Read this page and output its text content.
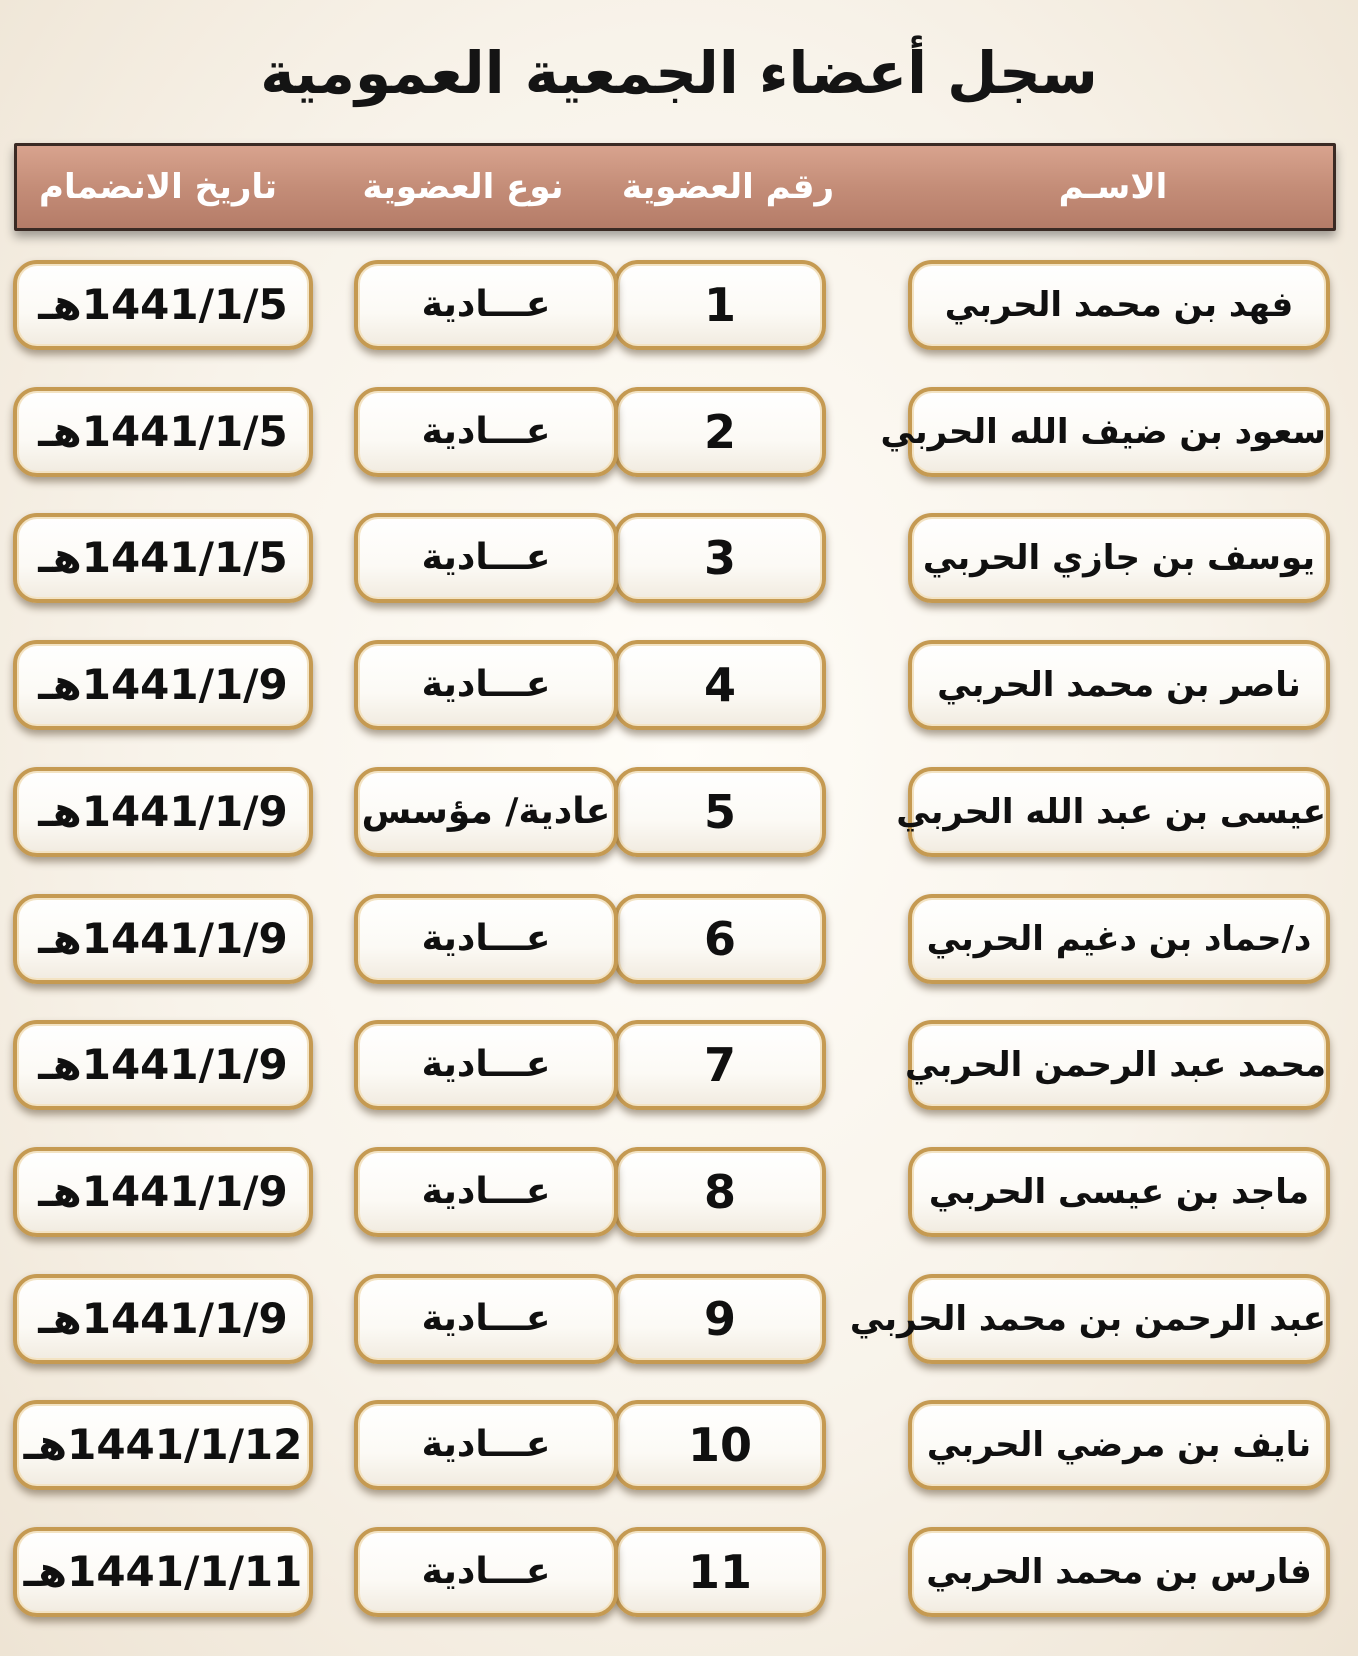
سجل أعضاء الجمعية العمومية
الاسـم
رقم العضوية
نوع العضوية
تاريخ الانضمام
فهد بن محمد الحربي
1
عـــادية
1441/1/5هـ
سعود بن ضيف الله الحربي
2
عـــادية
1441/1/5هـ
يوسف بن جازي الحربي
3
عـــادية
1441/1/5هـ
ناصر بن محمد الحربي
4
عـــادية
1441/1/9هـ
عيسى بن عبد الله الحربي
5
عادية/ مؤسس
1441/1/9هـ
د/حماد بن دغيم الحربي
6
عـــادية
1441/1/9هـ
محمد عبد الرحمن الحربي
7
عـــادية
1441/1/9هـ
ماجد بن عيسى الحربي
8
عـــادية
1441/1/9هـ
عبد الرحمن بن محمد الحربي
9
عـــادية
1441/1/9هـ
نايف بن مرضي الحربي
10
عـــادية
1441/1/12هـ
فارس بن محمد الحربي
11
عـــادية
1441/1/11هـ
